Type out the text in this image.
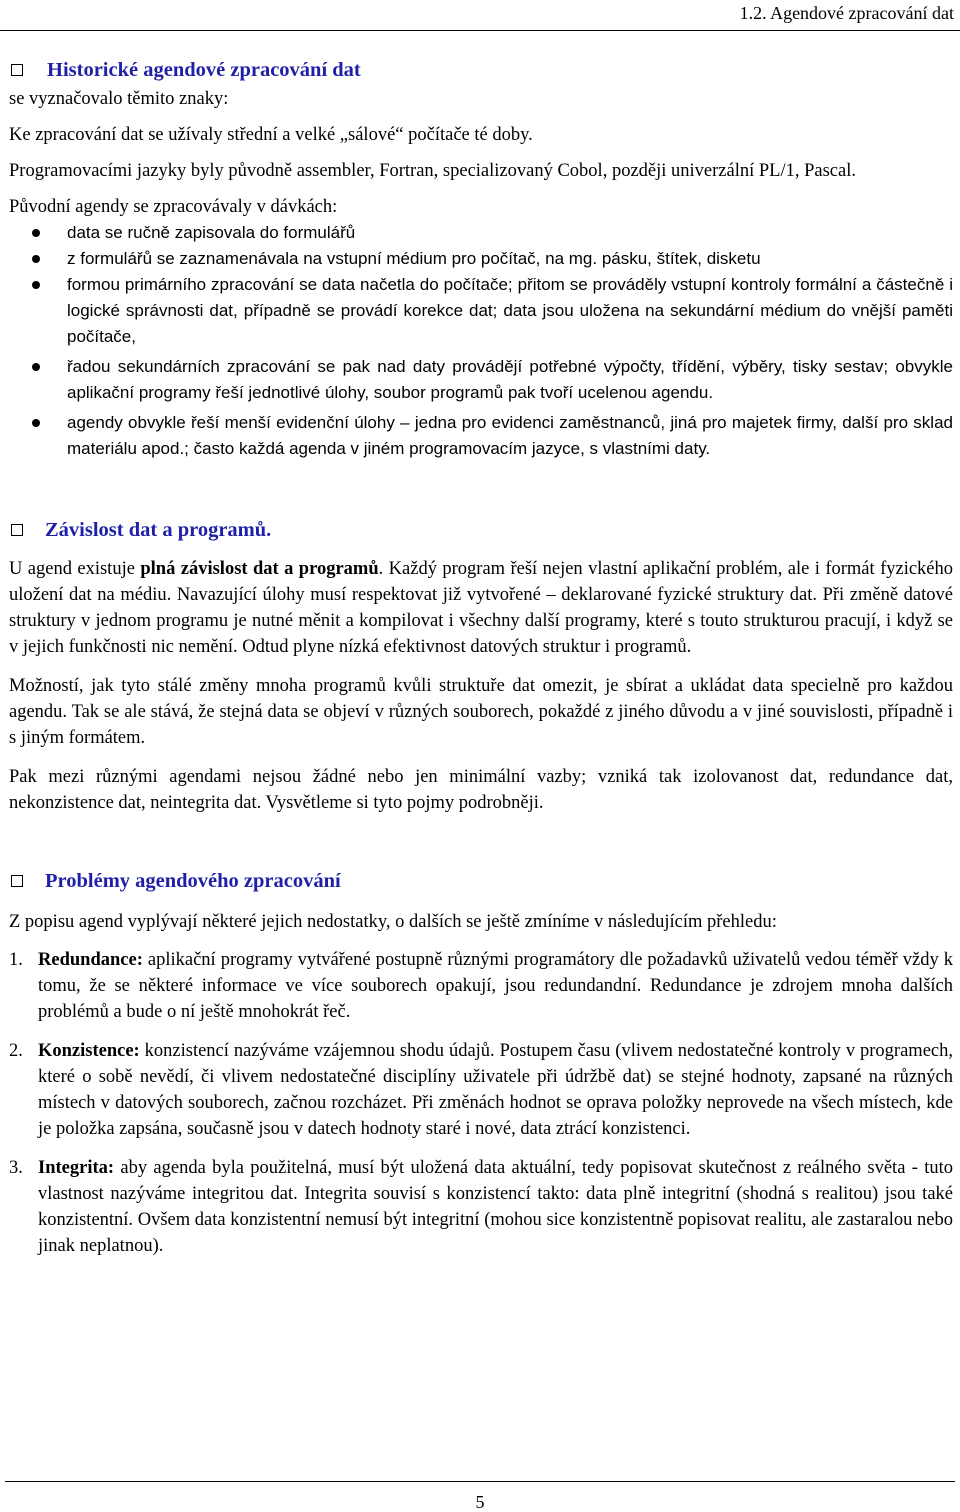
1.2. Agendové zpracování dat
Historické agendové zpracování dat

se vyznačovalo těmito znaky:

Ke zpracování dat se užívaly střední a velké „sálové“ počítače té doby.

Programovacími jazyky byly původně assembler, Fortran, specializovaný Cobol, později univerzální PL/1, Pascal.

Původní agendy se zpracovávaly v dávkách:

data se ručně zapisovala do formulářů
z formulářů se zaznamenávala na vstupní médium pro počítač, na mg. pásku, štítek, disketu
formou primárního zpracování se data načetla do počítače; přitom se prováděly vstupní kontroly formální a částečně i logické správnosti dat, případně se provádí korekce dat; data jsou uložena na sekundární médium do vnější paměti počítače,
řadou sekundárních zpracování se pak nad daty provádějí potřebné výpočty, třídění, výběry, tisky sestav; obvykle aplikační programy řeší jednotlivé úlohy, soubor programů pak tvoří ucelenou agendu.
agendy obvykle řeší menší evidenční úlohy – jedna pro evidenci zaměstnanců, jiná pro majetek firmy, další pro sklad materiálu apod.; často každá agenda v jiném programovacím jazyce, s vlastními daty.
Závislost dat a programů.

U agend existuje plná závislost dat a programů. Každý program řeší nejen vlastní aplikační problém, ale i formát fyzického uložení dat na médiu. Navazující úlohy musí respektovat již vytvořené – deklarované fyzické struktury dat. Při změně datové struktury v jednom programu je nutné měnit a kompilovat i všechny další programy, které s touto strukturou pracují, i když se v jejich funkčnosti nic nemění. Odtud plyne nízká efektivnost datových struktur i programů.

Možností, jak tyto stálé změny mnoha programů kvůli struktuře dat omezit, je sbírat a ukládat data specielně pro každou agendu. Tak se ale stává, že stejná data se objeví v různých souborech, pokaždé z jiného důvodu a v jiné souvislosti, případně i s jiným formátem.

Pak mezi různými agendami nejsou žádné nebo jen minimální vazby; vzniká tak izolovanost dat, redundance dat, nekonzistence dat, neintegrita dat. Vysvětleme si tyto pojmy podrobněji.

Problémy agendového zpracování

Z popisu agend vyplývají některé jejich nedostatky, o dalších se ještě zmíníme v následujícím přehledu:

1. Redundance: aplikační programy vytvářené postupně různými programátory dle požadavků uživatelů vedou téměř vždy k tomu, že se některé informace ve více souborech opakují, jsou redundandní. Redundance je zdrojem mnoha dalších problémů a bude o ní ještě mnohokrát řeč.
2. Konzistence: konzistencí nazýváme vzájemnou shodu údajů. Postupem času (vlivem nedostatečné kontroly v programech, které o sobě nevědí, či vlivem nedostatečné disciplíny uživatele při údržbě dat) se stejné hodnoty, zapsané na různých místech v datových souborech, začnou rozcházet. Při změnách hodnot se oprava položky neprovede na všech místech, kde je položka zapsána, současně jsou v datech hodnoty staré i nové, data ztrácí konzistenci.
3. Integrita: aby agenda byla použitelná, musí být uložená data aktuální, tedy popisovat skutečnost z reálného světa - tuto vlastnost nazýváme integritou dat. Integrita souvisí s konzistencí takto: data plně integritní (shodná s realitou) jsou také konzistentní. Ovšem data konzistentní nemusí být integritní (mohou sice konzistentně popisovat realitu, ale zastaralou nebo jinak neplatnou).
5
